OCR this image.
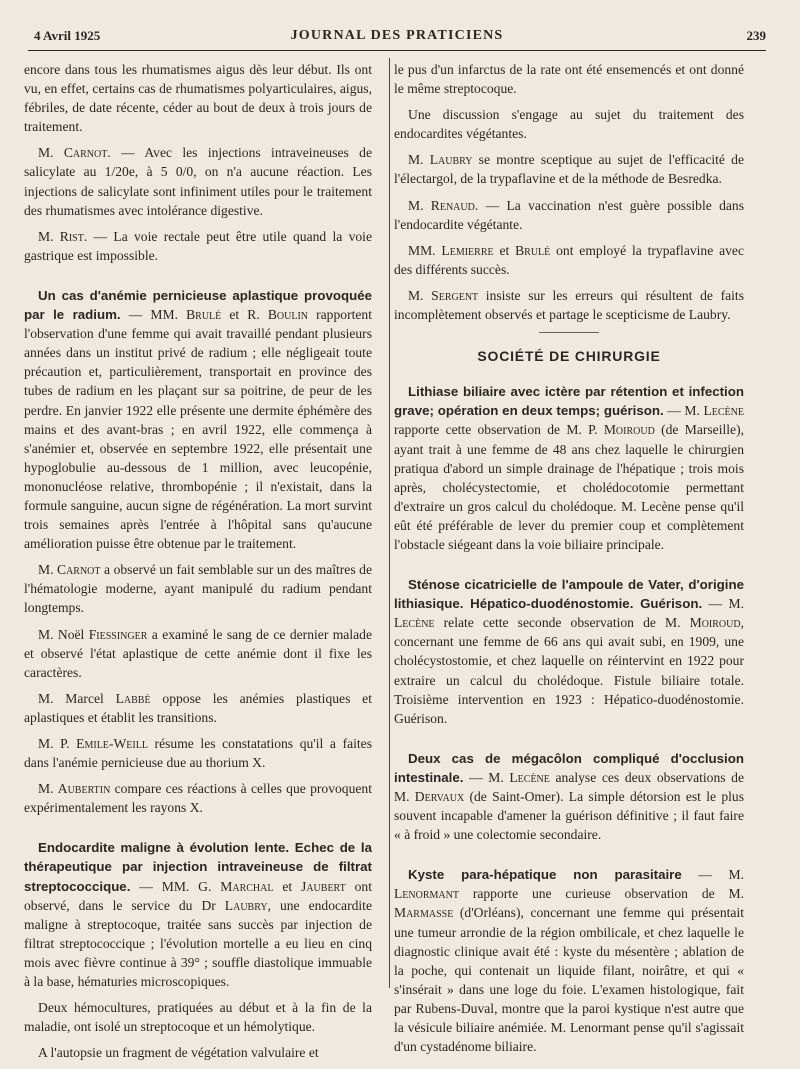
4 Avril 1925	JOURNAL DES PRATICIENS	239

encore dans tous les rhumatismes aigus dès leur début. Ils ont vu, en effet, certains cas de rhumatismes polyarticulaires, aigus, fébriles, de date récente, céder au bout de deux à trois jours de traitement.

M. Carnot. — Avec les injections intraveineuses de salicylate au 1/20e, à 5 0/0, on n'a aucune réaction. Les injections de salicylate sont infiniment utiles pour le traitement des rhumatismes avec intolérance digestive.

M. Rist. — La voie rectale peut être utile quand la voie gastrique est impossible.

Un cas d'anémie pernicieuse aplastique provoquée par le radium. — MM. Brulé et R. Boulin rapportent l'observation d'une femme qui avait travaillé pendant plusieurs années dans un institut privé de radium ; elle négligeait toute précaution et, particulièrement, transportait en province des tubes de radium en les plaçant sur sa poitrine, de peur de les perdre. En janvier 1922 elle présente une dermite éphémère des mains et des avant-bras ; en avril 1922, elle commença à s'anémier et, observée en septembre 1922, elle présentait une hypoglobulie au-dessous de 1 million, avec leucopénie, mononucléose relative, thrombopénie ; il n'existait, dans la formule sanguine, aucun signe de régénération. La mort survint trois semaines après l'entrée à l'hôpital sans qu'aucune amélioration puisse être obtenue par le traitement.

M. Carnot a observé un fait semblable sur un des maîtres de l'hématologie moderne, ayant manipulé du radium pendant longtemps.

M. Noël Fiessinger a examiné le sang de ce dernier malade et observé l'état aplastique de cette anémie dont il fixe les caractères.

M. Marcel Labbé oppose les anémies plastiques et aplastiques et établit les transitions.

M. P. Emile-Weill résume les constatations qu'il a faites dans l'anémie pernicieuse due au thorium X.

M. Aubertin compare ces réactions à celles que provoquent expérimentalement les rayons X.

Endocardite maligne à évolution lente. Echec de la thérapeutique par injection intraveineuse de filtrat streptococcique. — MM. G. Marchal et Jaubert ont observé, dans le service du Dr Laubry, une endocardite maligne à streptocoque, traitée sans succès par injection de filtrat streptococcique ; l'évolution mortelle a eu lieu en cinq mois avec fièvre continue à 39° ; souffle diastolique immuable à la base, hématuries microscopiques.

Deux hémocultures, pratiquées au début et à la fin de la maladie, ont isolé un streptocoque et un hémolytique.

A l'autopsie un fragment de végétation valvulaire et

le pus d'un infarctus de la rate ont été ensemencés et ont donné le même streptocoque.

Une discussion s'engage au sujet du traitement des endocardites végétantes.

M. Laubry se montre sceptique au sujet de l'efficacité de l'électargol, de la trypaflavine et de la méthode de Besredka.

M. Renaud. — La vaccination n'est guère possible dans l'endocardite végétante.

MM. Lemierre et Brulé ont employé la trypaflavine avec des différents succès.

M. Sergent insiste sur les erreurs qui résultent de faits incomplètement observés et partage le scepticisme de Laubry.

SOCIÉTÉ DE CHIRURGIE

Lithiase biliaire avec ictère par rétention et infection grave; opération en deux temps; guérison. — M. Lecène rapporte cette observation de M. P. Moiroud (de Marseille), ayant trait à une femme de 48 ans chez laquelle le chirurgien pratiqua d'abord un simple drainage de l'hépatique ; trois mois après, cholécystectomie, et cholédocotomie permettant d'extraire un gros calcul du cholédoque. M. Lecène pense qu'il eût été préférable de lever du premier coup et complètement l'obstacle siégeant dans la voie biliaire principale.

Sténose cicatricielle de l'ampoule de Vater, d'origine lithiasique. Hépatico-duodénostomie. Guérison. — M. Lecène relate cette seconde observation de M. Moiroud, concernant une femme de 66 ans qui avait subi, en 1909, une cholécystostomie, et chez laquelle on réintervint en 1922 pour extraire un calcul du cholédoque. Fistule biliaire totale. Troisième intervention en 1923 : Hépatico-duodénostomie. Guérison.

Deux cas de mégacôlon compliqué d'occlusion intestinale. — M. Lecène analyse ces deux observations de M. Dervaux (de Saint-Omer). La simple détorsion est le plus souvent incapable d'amener la guérison définitive ; il faut faire « à froid » une colectomie secondaire.

Kyste para-hépatique non parasitaire — M. Lenormant rapporte une curieuse observation de M. Marmasse (d'Orléans), concernant une femme qui présentait une tumeur arrondie de la région ombilicale, et chez laquelle le diagnostic clinique avait été : kyste du mésentère ; ablation de la poche, qui contenait un liquide filant, noirâtre, et qui « s'insérait » dans une loge du foie. L'examen histologique, fait par Rubens-Duval, montre que la paroi kystique n'est autre que la vésicule biliaire anémiée. M. Lenormant pense qu'il s'agissait d'un cystadénome biliaire.
